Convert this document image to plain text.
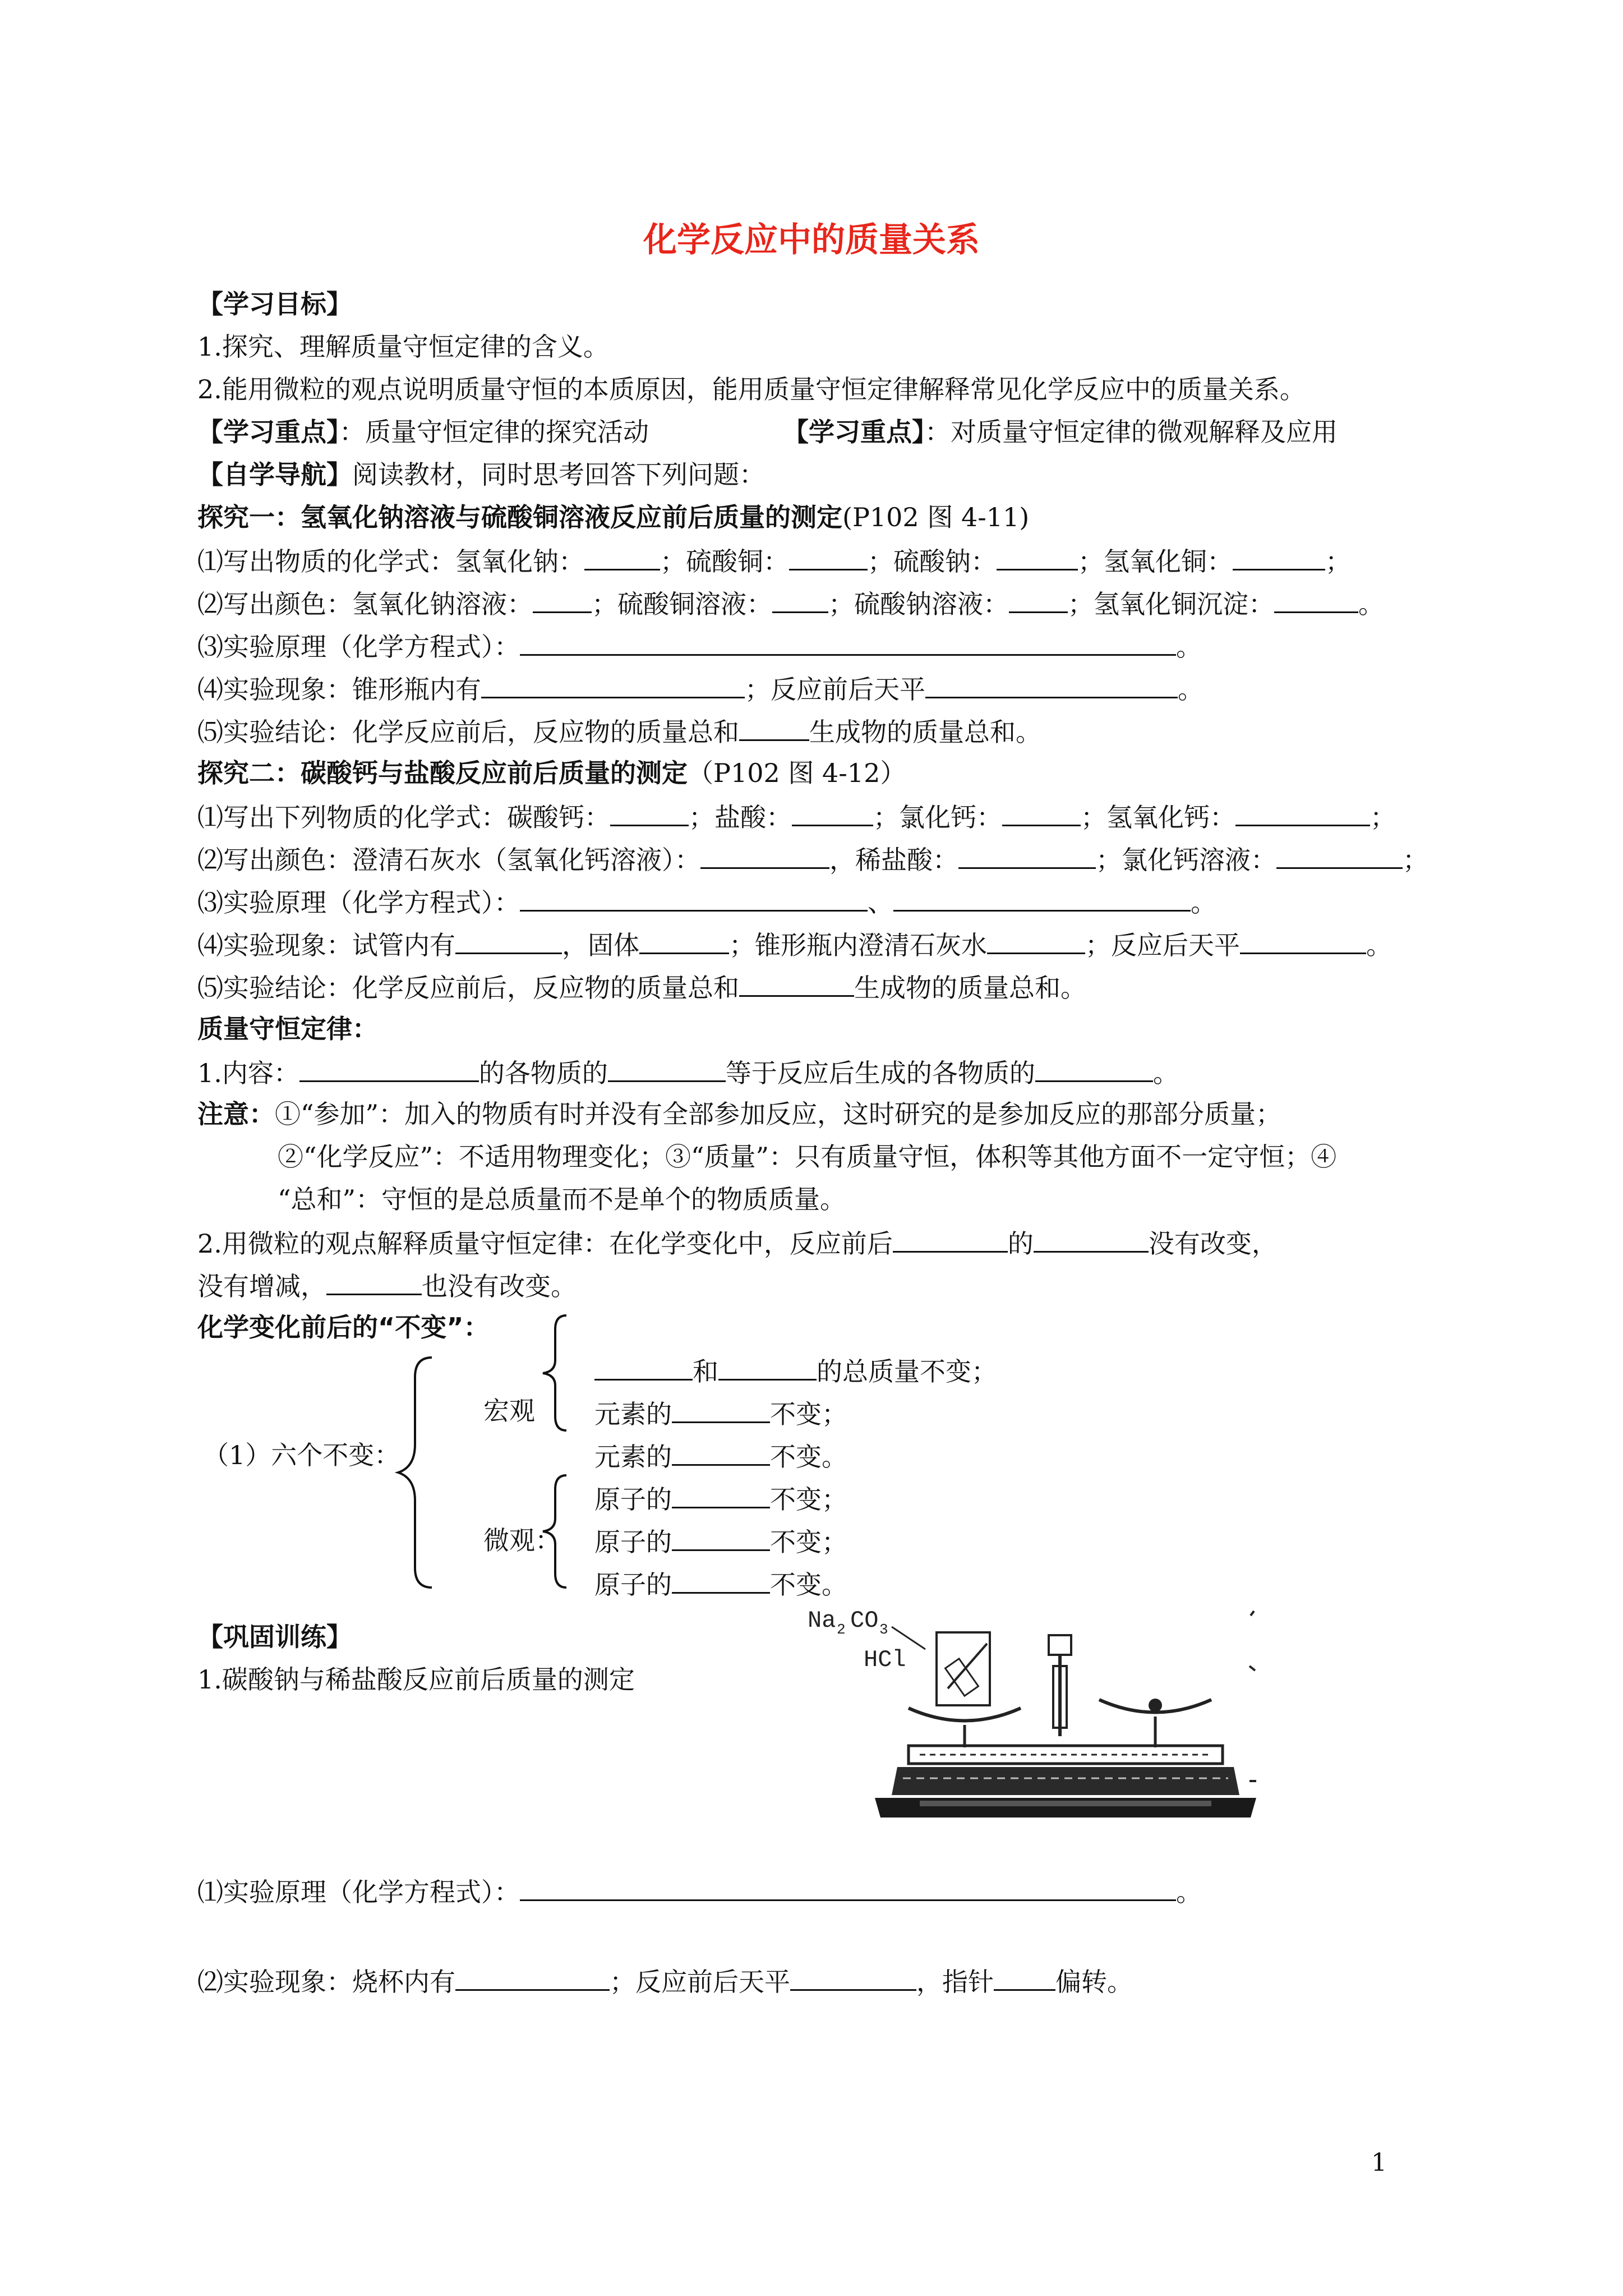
化学反应中的质量关系
【学习目标】
1.探究、理解质量守恒定律的含义。
2.能用微粒的观点说明质量守恒的本质原因，能用质量守恒定律解释常见化学反应中的质量关系。
【学习重点】：质量守恒定律的探究活动	【学习重点】：对质量守恒定律的微观解释及应用
【自学导航】阅读教材，同时思考回答下列问题：
探究一：氢氧化钠溶液与硫酸铜溶液反应前后质量的测定(P102 图 4-11)
⑴写出物质的化学式：氢氧化钠：	；硫酸铜：	；硫酸钠：	；氢氧化铜：	；
⑵写出颜色：氢氧化钠溶液： ；硫酸铜溶液： ；硫酸钠溶液： ；氢氧化铜沉淀：	。
⑶实验原理（化学方程式）：	。
⑷实验现象：锥形瓶内有	；反应前后天平	。
⑸实验结论：化学反应前后，反应物的质量总和	生成物的质量总和。
探究二：碳酸钙与盐酸反应前后质量的测定（P102 图 4-12）
⑴写出下列物质的化学式：碳酸钙：	；盐酸：	；氯化钙：	；氢氧化钙：	；
⑵写出颜色：澄清石灰水（氢氧化钙溶液）：	，稀盐酸：	；氯化钙溶液：	；
⑶实验原理（化学方程式）：	、	。
⑷实验现象：试管内有	，固体	；锥形瓶内澄清石灰水	；反应后天平	。
⑸实验结论：化学反应前后，反应物的质量总和	生成物的质量总和。
质量守恒定律：
1.内容：	的各物质的	等于反应后生成的各物质的	。
注意：①“参加”：加入的物质有时并没有全部参加反应，这时研究的是参加反应的那部分质量；
②“化学反应”：不适用物理变化；③“质量”：只有质量守恒，体积等其他方面不一定守恒；④
“总和”：守恒的是总质量而不是单个的物质质量。
2.用微粒的观点解释质量守恒定律：在化学变化中，反应前后	的	没有改变，
没有增减，	也没有改变。
化学变化前后的“不变”：
和	的总质量不变；
宏观 元素的	不变；
元素的	不变。
（1）六个不变：
原子的	不变；
微观： 原子的	不变；
原子的	不变。
【巩固训练】
1.碳酸钠与稀盐酸反应前后质量的测定
Na 2 CO 3
HCl
⑴实验原理（化学方程式）：	。
⑵实验现象：烧杯内有	；反应前后天平	，指针 偏转。
1
